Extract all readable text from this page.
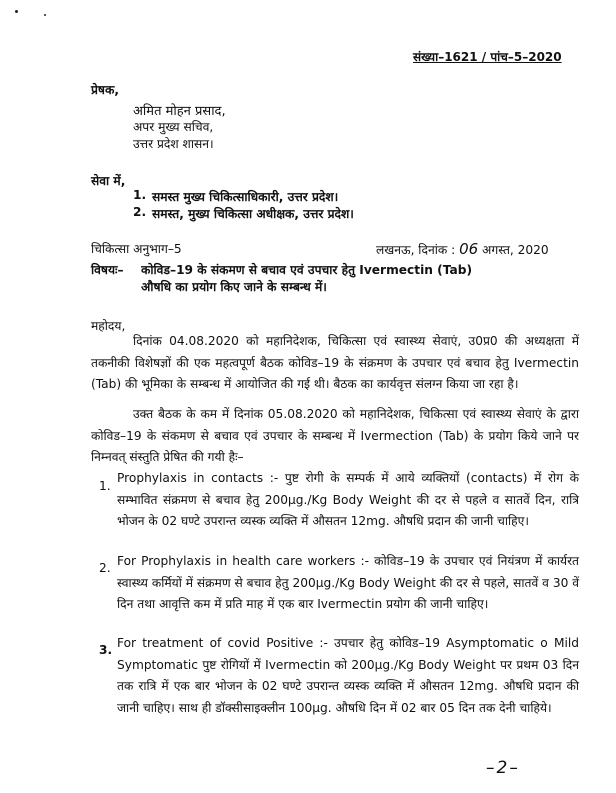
संख्या–1621 / पांच–5–2020
प्रेषक,
अमित मोहन प्रसाद,
अपर मुख्य सचिव,
उत्तर प्रदेश शासन।
सेवा में,
1. समस्त मुख्य चिकित्साधिकारी, उत्तर प्रदेश।
2. समस्त, मुख्य चिकित्सा अधीक्षक, उत्तर प्रदेश।
चिकित्सा अनुभाग–5	लखनऊ, दिनांक : 06 अगस्त, 2020
विषयः– कोविड–19 के संकमण से बचाव एवं उपचार हेतु Ivermectin (Tab)
औषधि का प्रयोग किए जाने के सम्बन्ध में।
महोदय,
दिनांक 04.08.2020 को महानिदेशक, चिकित्सा एवं स्वास्थ्य सेवाएं, उ0प्र0 की अध्यक्षता में तकनीकी विशेषज्ञों की एक महत्वपूर्ण बैठक कोविड–19 के संक्रमण के उपचार एवं बचाव हेतु Ivermectin (Tab) की भूमिका के सम्बन्ध में आयोजित की गई थी। बैठक का कार्यवृत्त संलग्न किया जा रहा है।
उक्त बैठक के कम में दिनांक 05.08.2020 को महानिदेशक, चिकित्सा एवं स्वास्थ्य सेवाएं के द्वारा कोविड–19 के संकमण से बचाव एवं उपचार के सम्बन्ध में Ivermection (Tab) के प्रयोग किये जाने पर निम्नवत् संस्तुति प्रेषित की गयी हैः–
1.
Prophylaxis in contacts :- पुष्ट रोगी के सम्पर्क में आये व्यक्तियों (contacts) में रोग के सम्भावित संक्रमण से बचाव हेतु 200µg./Kg Body Weight की दर से पहले व सातवें दिन, रात्रि भोजन के 02 घण्टे उपरान्त व्यस्क व्यक्ति में औसतन 12mg. औषधि प्रदान की जानी चाहिए।
2. For Prophylaxis in health care workers :- कोविड–19 के उपचार एवं नियंत्रण में कार्यरत स्वास्थ्य कर्मियों में संक्रमण से बचाव हेतु 200µg./Kg Body Weight की दर से पहले, सातवें व 30 वें दिन तथा आवृत्ति कम में प्रति माह में एक बार Ivermectin प्रयोग की जानी चाहिए।
3. For treatment of covid Positive :- उपचार हेतु कोविड–19 Asymptomatic o Mild Symptomatic पुष्ट रोगियों में Ivermectin को 200µg./Kg Body Weight पर प्रथम 03 दिन तक रात्रि में एक बार भोजन के 02 घण्टे उपरान्त व्यस्क व्यक्ति में औसतन 12mg. औषधि प्रदान की जानी चाहिए। साथ ही डॉक्सीसाइक्लीन 100µg. औषधि दिन में 02 बार 05 दिन तक देनी चाहिये।
–2–
